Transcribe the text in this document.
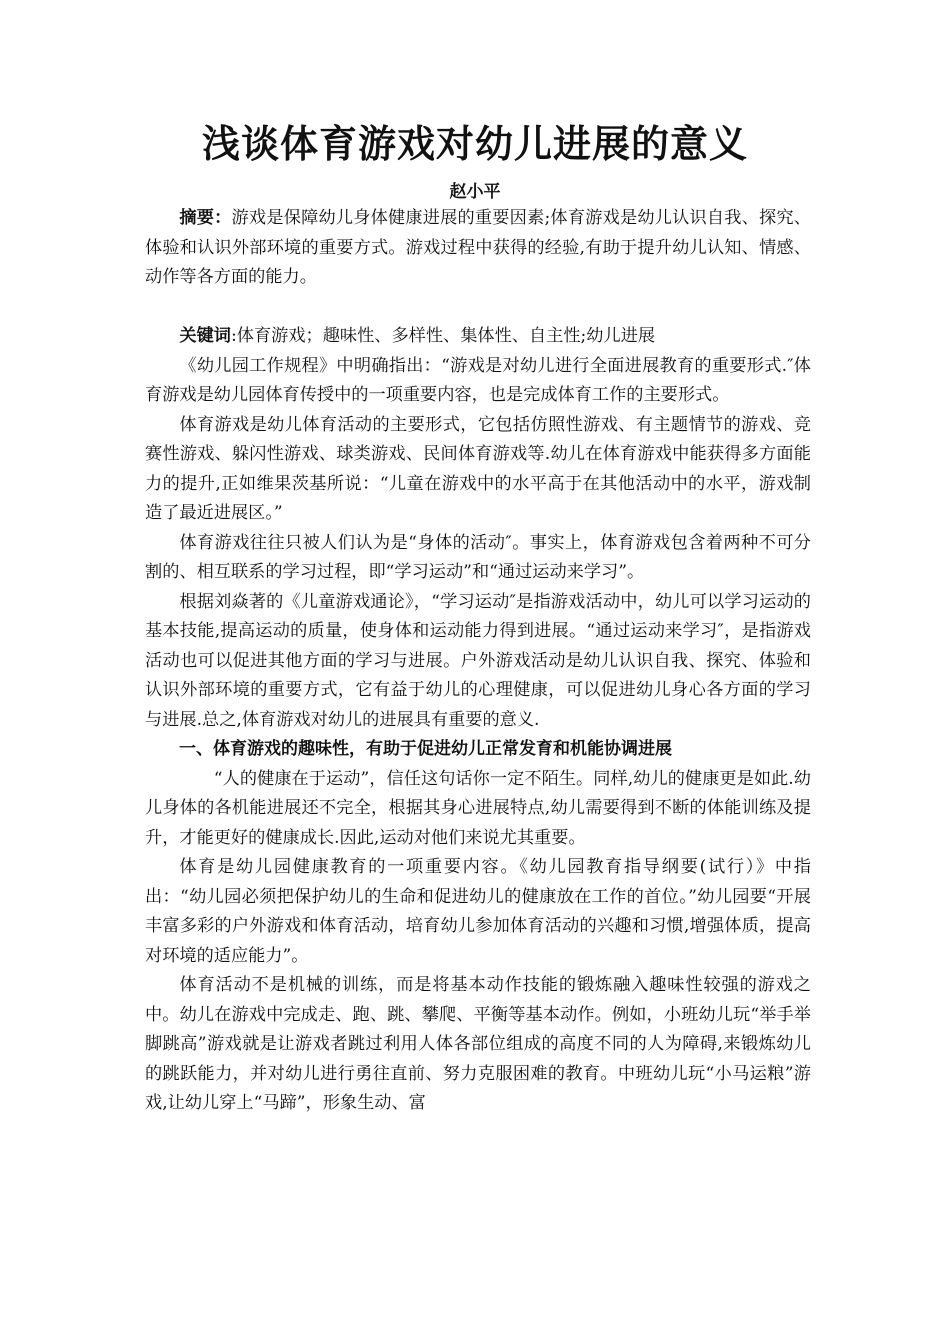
浅谈体育游戏对幼儿进展的意义
赵小平

摘要：游戏是保障幼儿身体健康进展的重要因素;体育游戏是幼儿认识自我、探究、体验和认识外部环境的重要方式。游戏过程中获得的经验,有助于提升幼儿认知、情感、动作等各方面的能力。

关键词:体育游戏；趣味性、多样性、集体性、自主性;幼儿进展

《幼儿园工作规程》中明确指出：“游戏是对幼儿进行全面进展教育的重要形式.″体育游戏是幼儿园体育传授中的一项重要内容，也是完成体育工作的主要形式。

体育游戏是幼儿体育活动的主要形式，它包括仿照性游戏、有主题情节的游戏、竞赛性游戏、躲闪性游戏、球类游戏、民间体育游戏等.幼儿在体育游戏中能获得多方面能力的提升,正如维果茨基所说：“儿童在游戏中的水平高于在其他活动中的水平，游戏制造了最近进展区。”

体育游戏往往只被人们认为是“身体的活动″。事实上，体育游戏包含着两种不可分割的、相互联系的学习过程，即“学习运动”和“通过运动来学习”。

根据刘焱著的《儿童游戏通论》，“学习运动″是指游戏活动中，幼儿可以学习运动的基本技能,提高运动的质量，使身体和运动能力得到进展。“通过运动来学习″，是指游戏活动也可以促进其他方面的学习与进展。户外游戏活动是幼儿认识自我、探究、体验和认识外部环境的重要方式，它有益于幼儿的心理健康，可以促进幼儿身心各方面的学习与进展.总之,体育游戏对幼儿的进展具有重要的意义.

一、体育游戏的趣味性，有助于促进幼儿正常发育和机能协调进展

“人的健康在于运动”，信任这句话你一定不陌生。同样,幼儿的健康更是如此.幼儿身体的各机能进展还不完全，根据其身心进展特点,幼儿需要得到不断的体能训练及提升，才能更好的健康成长.因此,运动对他们来说尤其重要。

体育是幼儿园健康教育的一项重要内容。《幼儿园教育指导纲要(试行）》中指出：“幼儿园必须把保护幼儿的生命和促进幼儿的健康放在工作的首位。”幼儿园要“开展丰富多彩的户外游戏和体育活动，培育幼儿参加体育活动的兴趣和习惯,增强体质，提高对环境的适应能力”。

体育活动不是机械的训练，而是将基本动作技能的锻炼融入趣味性较强的游戏之中。幼儿在游戏中完成走、跑、跳、攀爬、平衡等基本动作。例如，小班幼儿玩“举手举脚跳高”游戏就是让游戏者跳过利用人体各部位组成的高度不同的人为障碍,来锻炼幼儿的跳跃能力，并对幼儿进行勇往直前、努力克服困难的教育。中班幼儿玩“小马运粮”游戏,让幼儿穿上“马蹄”，形象生动、富
